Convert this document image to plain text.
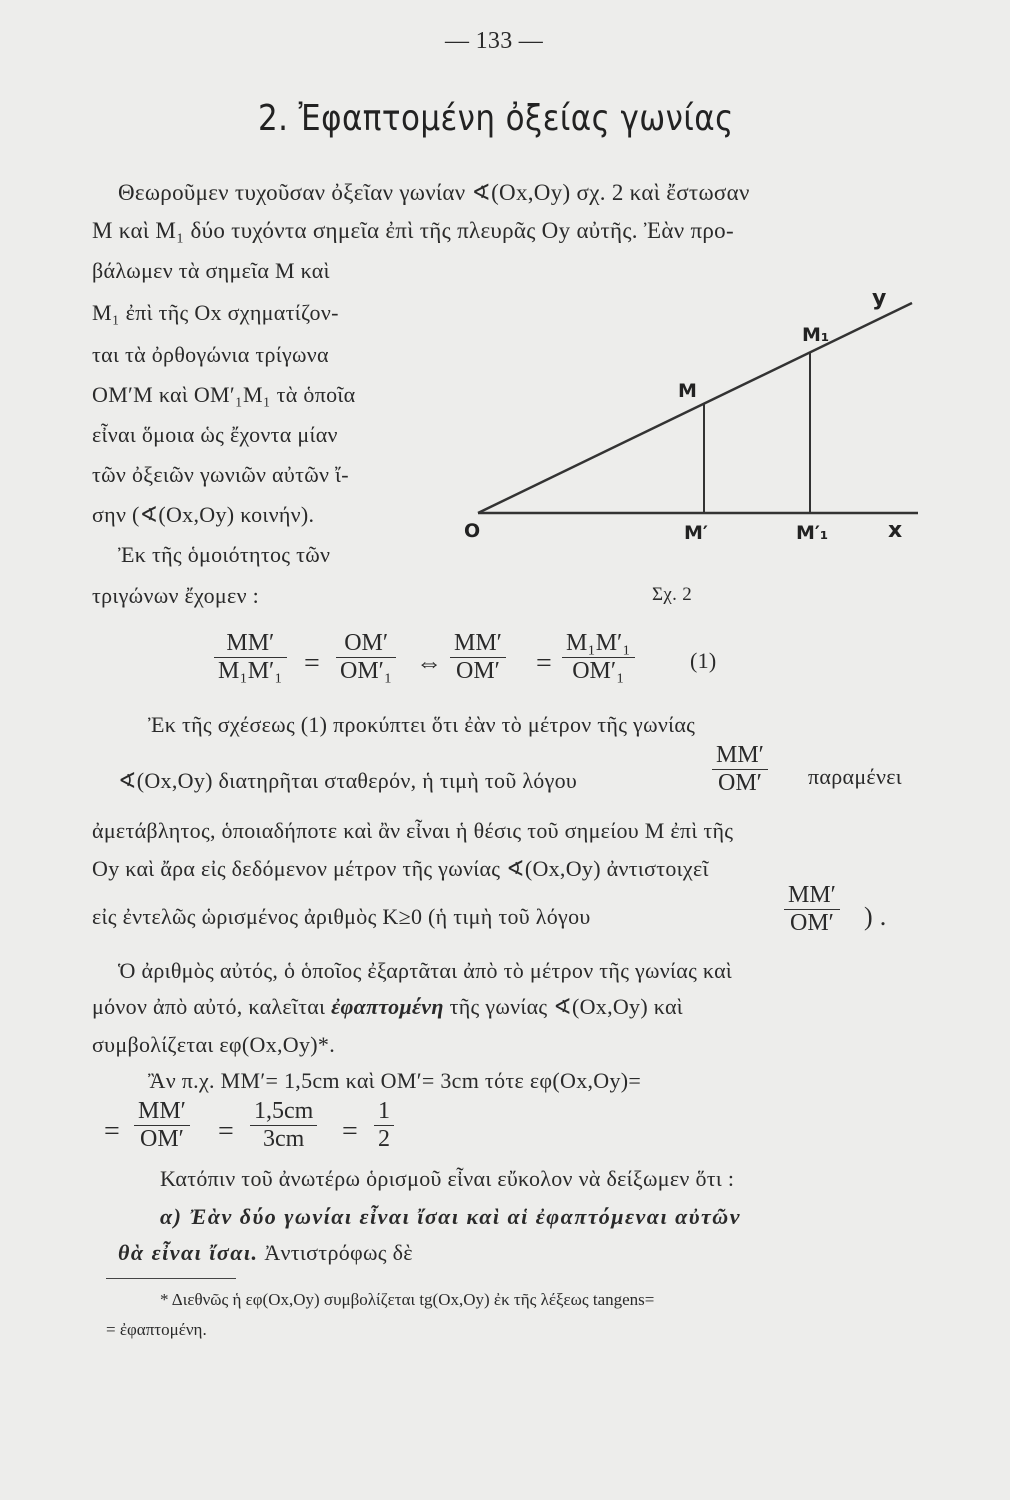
— 133 —
2. Ἐφαπτομένη ὀξείας γωνίας
Θεωροῦμεν τυχοῦσαν ὀξεῖαν γωνίαν ∢(Ox,Oy) σχ. 2 καὶ ἔστωσαν
M καὶ M₁ δύο τυχόντα σημεῖα ἐπὶ τῆς πλευρᾶς Oy αὐτῆς. Ἐὰν προ-
βάλωμεν τὰ σημεῖα M καὶ
M₁ ἐπὶ τῆς Ox σχηματίζον-
ται τὰ ὀρθογώνια τρίγωνα
OM′M καὶ OM′₁M₁ τὰ ὁποῖα
εἶναι ὅμοια ὡς ἔχοντα μίαν
τῶν ὀξειῶν γωνιῶν αὐτῶν ἴ-
σην (∢(Ox,Oy) κοινήν).
Ἐκ τῆς ὁμοιότητος τῶν
τριγώνων ἔχομεν :
y
M₁
M
O	M′	M′₁	x
Σχ. 2
$\frac{MM'}{\text{M₁M′₁}} = \frac{OM'}{\text{OM′₁}}$ ⇔ $\frac{MM'}{OM'} = \frac{\text{M₁M′₁}}{\text{OM′₁}}$	(1)
Ἐκ τῆς σχέσεως (1) προκύπτει ὅτι ἐὰν τὸ μέτρον τῆς γωνίας
∢(Ox,Oy) διατηρῆται σταθερόν, ἡ τιμὴ τοῦ λόγου	$\frac{MM'}{OM'}$ παραμένει
ἀμετάβλητος, ὁποιαδήποτε καὶ ἂν εἶναι ἡ θέσις τοῦ σημείου M ἐπὶ τῆς
Oy καὶ ἄρα εἰς δεδόμενον μέτρον τῆς γωνίας ∢(Ox,Oy) ἀντιστοιχεῖ
εἰς ἐντελῶς ὡρισμένος ἀριθμὸς K≥0 (ἡ τιμὴ τοῦ λόγου	$\frac{MM'}{OM'}$ ) .
Ὁ ἀριθμὸς αὐτός, ὁ ὁποῖος ἐξαρτᾶται ἀπὸ τὸ μέτρον τῆς γωνίας καὶ
μόνον ἀπὸ αὐτό, καλεῖται ἐφαπτομένη τῆς γωνίας ∢(Ox,Oy) καὶ
συμβολίζεται εφ(Ox,Oy)*.
Ἂν π.χ. MM′= 1,5cm καὶ OM′= 3cm τότε εφ(Ox,Oy)=
= $\frac{MM'}{OM'} = \frac{1,5cm}{3cm} = \frac{1}{2}$
Κατόπιν τοῦ ἀνωτέρω ὁρισμοῦ εἶναι εὔκολον νὰ δείξωμεν ὅτι :
α) Ἐὰν δύο γωνίαι εἶναι ἴσαι καὶ αἱ ἐφαπτόμεναι αὐτῶν
θὰ εἶναι ἴσαι. Ἀντιστρόφως δὲ
* Διεθνῶς ἡ εφ(Ox,Oy) συμβολίζεται tg(Ox,Oy) ἐκ τῆς λέξεως tangens=
= ἐφαπτομένη.
